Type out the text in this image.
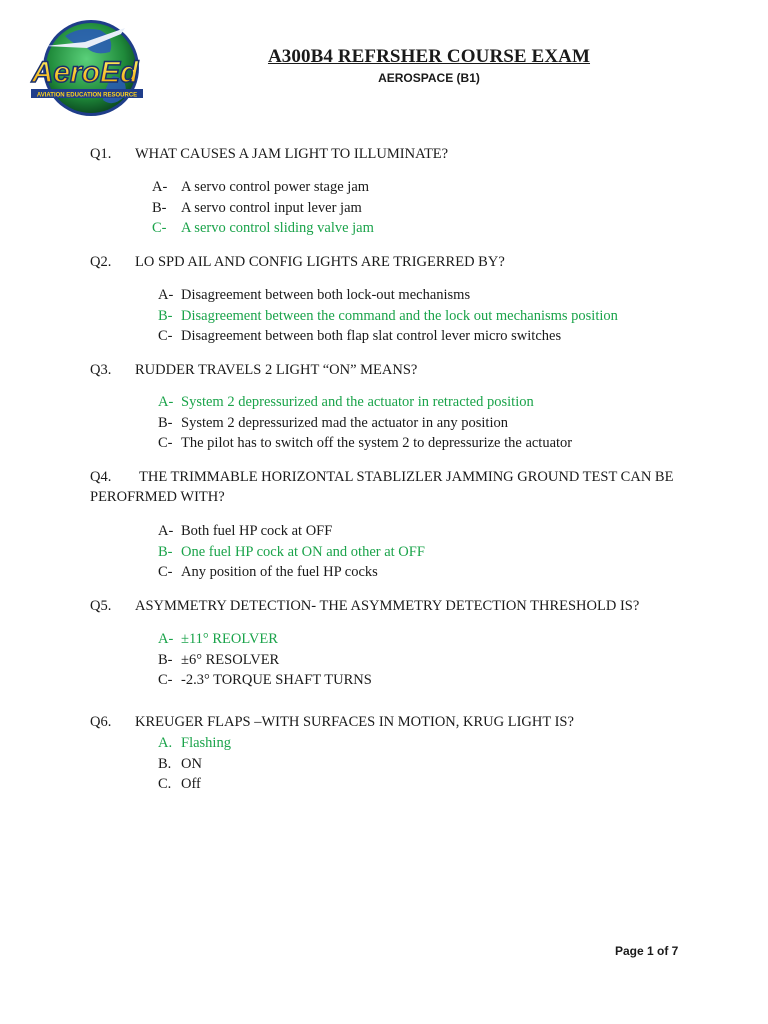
AeroEd
AVIATION EDUCATION RESOURCE
A300B4 REFRSHER COURSE EXAM
AEROSPACE (B1)
Q1. WHAT CAUSES A JAM LIGHT TO ILLUMINATE?
A- A servo control power stage jam
B- A servo control input lever jam
C- A servo control sliding valve jam
Q2. LO SPD AIL AND CONFIG LIGHTS ARE TRIGERRED BY?
A- Disagreement between both lock-out mechanisms
B- Disagreement between the command and the lock out mechanisms position
C- Disagreement between both flap slat control lever micro switches
Q3. RUDDER TRAVELS 2 LIGHT “ON” MEANS?
A- System 2 depressurized and the actuator in retracted position
B- System 2 depressurized mad the actuator in any position
C- The pilot has to switch off the system 2 to depressurize the actuator
Q4. THE TRIMMABLE HORIZONTAL STABLIZLER JAMMING GROUND TEST CAN BE PEROFRMED WITH?
A- Both fuel HP cock at OFF
B- One fuel HP cock at ON and other at OFF
C- Any position of the fuel HP cocks
Q5. ASYMMETRY DETECTION- THE ASYMMETRY DETECTION THRESHOLD IS?
A- ±11° REOLVER
B- ±6° RESOLVER
C- -2.3° TORQUE SHAFT TURNS
Q6. KREUGER FLAPS –WITH SURFACES IN MOTION, KRUG LIGHT IS?
A. Flashing
B. ON
C. Off
Page 1 of 7
